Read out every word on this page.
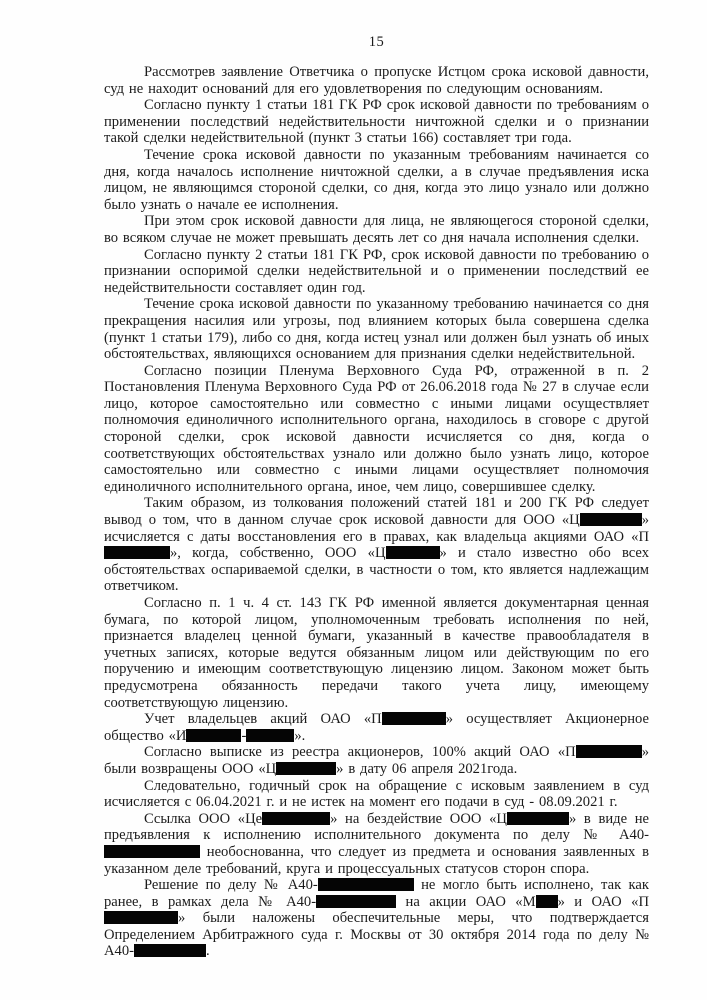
15

Рассмотрев заявление Ответчика о пропуске Истцом срока исковой давности, суд не находит оснований для его удовлетворения по следующим основаниям.

Согласно пункту 1 статьи 181 ГК РФ срок исковой давности по требованиям о применении последствий недействительности ничтожной сделки и о признании такой сделки недействительной (пункт 3 статьи 166) составляет три года.

Течение срока исковой давности по указанным требованиям начинается со дня, когда началось исполнение ничтожной сделки, а в случае предъявления иска лицом, не являющимся стороной сделки, со дня, когда это лицо узнало или должно было узнать о начале ее исполнения.

При этом срок исковой давности для лица, не являющегося стороной сделки, во всяком случае не может превышать десять лет со дня начала исполнения сделки.

Согласно пункту 2 статьи 181 ГК РФ, срок исковой давности по требованию о признании оспоримой сделки недействительной и о применении последствий ее недействительности составляет один год.

Течение срока исковой давности по указанному требованию начинается со дня прекращения насилия или угрозы, под влиянием которых была совершена сделка (пункт 1 статьи 179), либо со дня, когда истец узнал или должен был узнать об иных обстоятельствах, являющихся основанием для признания сделки недействительной.

Согласно позиции Пленума Верховного Суда РФ, отраженной в п. 2 Постановления Пленума Верховного Суда РФ от 26.06.2018 года № 27 в случае если лицо, которое самостоятельно или совместно с иными лицами осуществляет полномочия единоличного исполнительного органа, находилось в сговоре с другой стороной сделки, срок исковой давности исчисляется со дня, когда о соответствующих обстоятельствах узнало или должно было узнать лицо, которое самостоятельно или совместно с иными лицами осуществляет полномочия единоличного исполнительного органа, иное, чем лицо, совершившее сделку.

Таким образом, из толкования положений статей 181 и 200 ГК РФ следует вывод о том, что в данном случае срок исковой давности для ООО «Ц	» исчисляется с даты восстановления его в правах, как владельца акциями ОАО «П», когда, собственно, ООО «Ц	» и стало известно обо всех обстоятельствах оспариваемой сделки, в частности о том, кто является надлежащим ответчиком.

Согласно п. 1 ч. 4 ст. 143 ГК РФ именной является документарная ценная бумага, по которой лицом, уполномоченным требовать исполнения по ней, признается владелец ценной бумаги, указанный в качестве правообладателя в учетных записях, которые ведутся обязанным лицом или действующим по его поручению и имеющим соответствующую лицензию лицом. Законом может быть предусмотрена обязанность передачи такого учета лицу, имеющему соответствующую лицензию.

Учет владельцев акций ОАО «П	» осуществляет Акционерное общество «И	-	».

Согласно выписке из реестра акционеров, 100% акций ОАО «П	» были возвращены ООО «Ц	» в дату 06 апреля 2021года.

Следовательно, годичный срок на обращение с исковым заявлением в суд исчисляется с 06.04.2021 г. и не истек на момент его подачи в суд - 08.09.2021 г.

Ссылка ООО «Це	» на бездействие ООО «Ц	» в виде не предъявления к исполнению исполнительного документа по делу № А40- необоснованна, что следует из предмета и основания заявленных в указанном деле требований, круга и процессуальных статусов сторон спора.

Решение по делу № А40-	не могло быть исполнено, так как ранее, в рамках дела № А40-	на акции ОАО «М » и ОАО «П» были наложены обеспечительные меры, что подтверждается Определением Арбитражного суда г. Москвы от 30 октября 2014 года по делу № А40-	.
